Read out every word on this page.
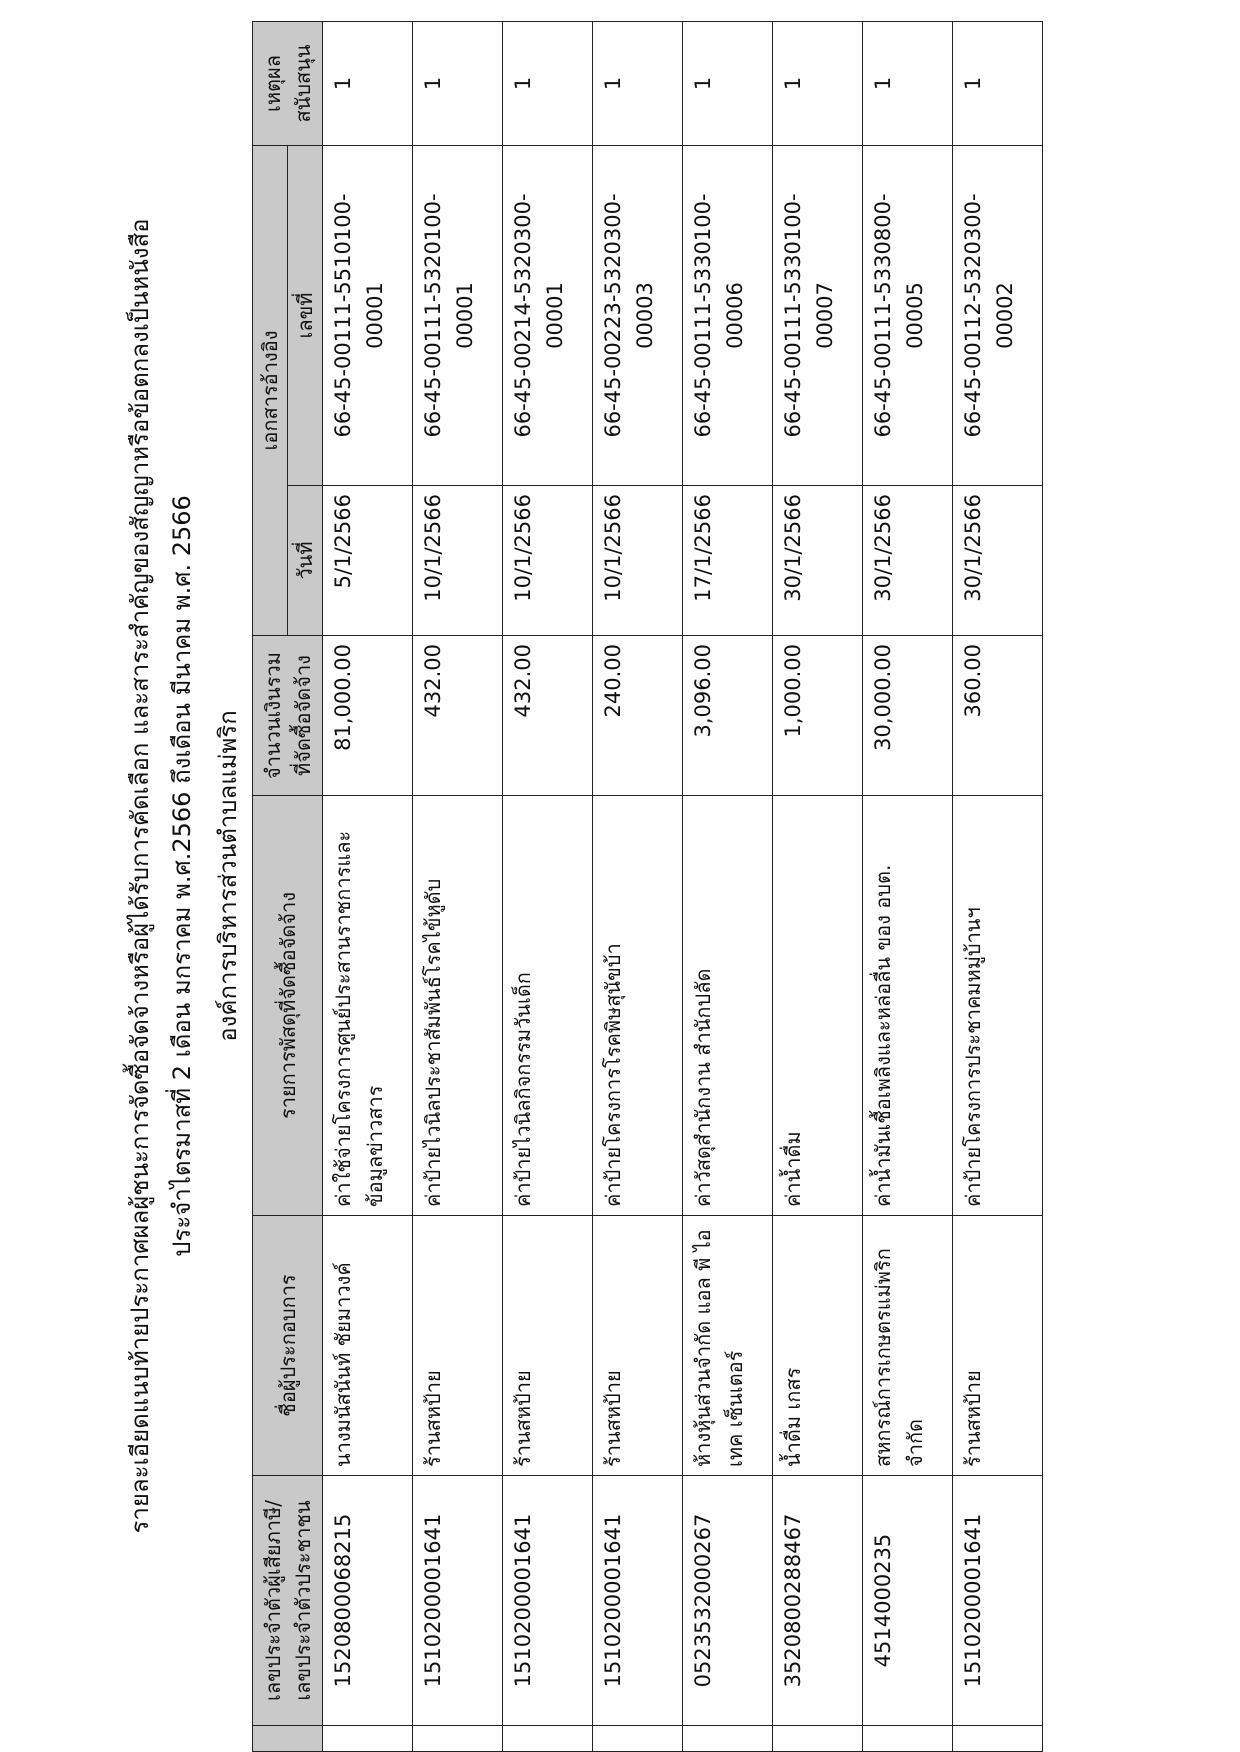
รายละเอียดแนบท้ายประกาศผลผู้ชนะการจัดซื้อจัดจ้างหรือผู้ได้รับการคัดเลือก และสาระสำคัญของสัญญาหรือข้อตกลงเป็นหนังสือ ประจำไตรมาสที่ 2 เดือน มกราคม พ.ศ.2566 ถึงเดือน มีนาคม พ.ศ. 2566 องค์การบริหารส่วนตำบลแม่พริก

	เลขประจำตัวผู้เสียภาษี/ เลขประจำตัวประชาชน	ชื่อผู้ประกอบการ	รายการพัสดุที่จัดซื้อจัดจ้าง	จำนวนเงินรวม ที่จัดซื้อจัดจ้าง	เอกสารอ้างอิง		เหตุผล สนับสนุน

					วันที่	เลขที่	
	1520800068215	นางมนัสนันท์ ชัยมาวงค์	ค่าใช้จ่ายโครงการศูนย์ประสานราชการและข้อมูลข่าวสาร	81,000.00	5/1/2566	66-45-00111-5510100- 00001	1
	1510200001641	ร้านสหป้าย	ค่าป้ายไวนิลประชาสัมพันธ์โรคไข้หูดับ	432.00	10/1/2566	66-45-00111-5320100- 00001	1
	1510200001641	ร้านสหป้าย	ค่าป้ายไวนิลกิจกรรมวันเด็ก	432.00	10/1/2566	66-45-00214-5320300- 00001	1
	1510200001641	ร้านสหป้าย	ค่าป้ายโครงการโรคพิษสุนัขบ้า	240.00	10/1/2566	66-45-00223-5320300- 00003	1
	0523532000267	ห้างหุ้นส่วนจำกัด แอล พี ไอเทค เซ็นเตอร์	ค่าวัสดุสำนักงาน สำนักปลัด	3,096.00	17/1/2566	66-45-00111-5330100- 00006	1
	3520800288467	น้ำดื่ม เกสร	ค่าน้ำดื่ม	1,000.00	30/1/2566	66-45-00111-5330100- 00007	1
	4514000235	สหกรณ์การเกษตรแม่พริก จำกัด	ค่าน้ำมันเชื้อเพลิงและหล่อลื่น ของ อบต.	30,000.00	30/1/2566	66-45-00111-5330800- 00005	1
	1510200001641	ร้านสหป้าย	ค่าป้ายโครงการประชาคมหมู่บ้านฯ	360.00	30/1/2566	66-45-00112-5320300- 00002	1
